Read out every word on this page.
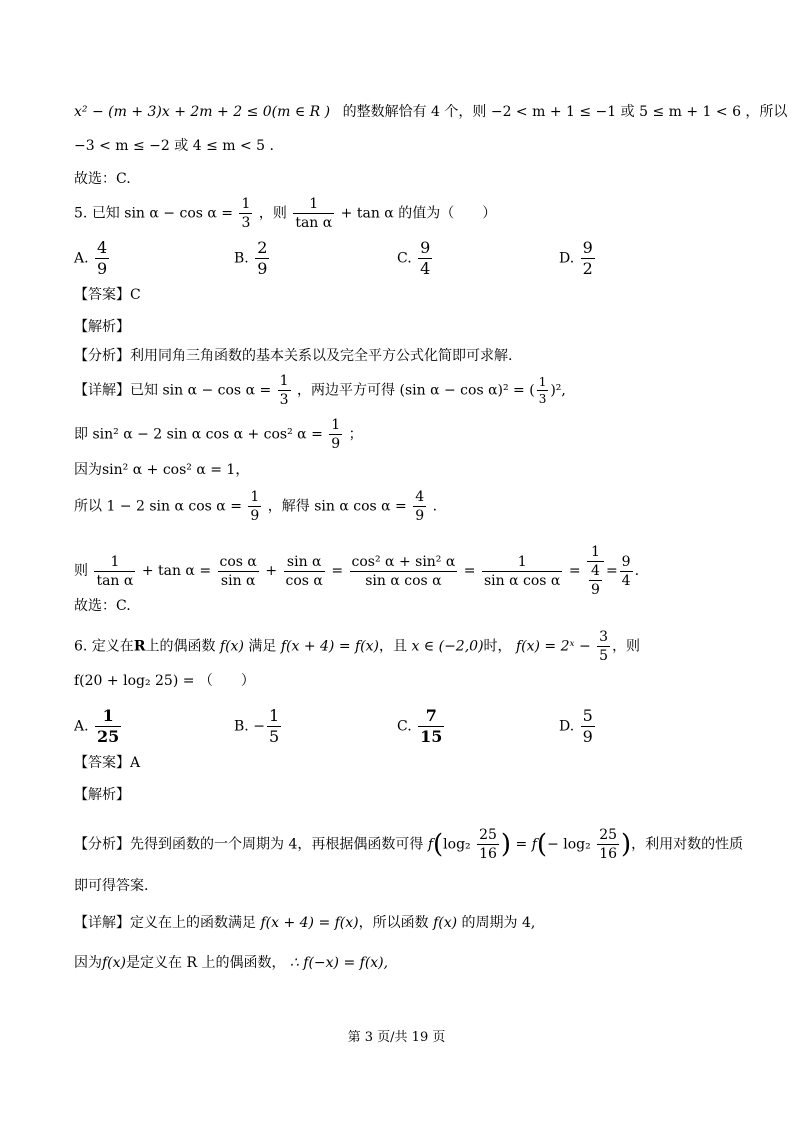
x² − (m + 3)x + 2m + 2 ≤ 0(m ∈ R ) 的整数解恰有 4 个，则 −2 < m + 1 ≤ −1 或 5 ≤ m + 1 < 6 ，所以
−3 < m ≤ −2 或 4 ≤ m < 5 .
故选：C.
5. 已知 $\sin \alpha - \cos \alpha = \frac{1}{3}$ ，则 $\frac{1}{\text{tan α}} + \tan \alpha$ 的值为（　　）
A. $\frac{4}{9}$	B. $\frac{2}{9}$	C. $\frac{9}{4}$	D. $\frac{9}{2}$
【答案】C
【解析】
【分析】利用同角三角函数的基本关系以及完全平方公式化简即可求解.
【详解】已知 $\sin \alpha - \cos \alpha = \frac{1}{3}$ ，两边平方可得 (sin α − cos α)² = ( $\frac{1}{3} )^2$,
即 sin² α − 2 sin α cos α + cos² $\alpha = \frac{1}{9}$ ；
因为sin² α + cos² α = 1，
所以 1 − 2 sin α $\cos \alpha = \frac{1}{9}$ ，解得 sin α $\cos \alpha = \frac{4}{9}$ .
则 $\frac{1}{\text{tan α}} + \tan \alpha = \frac{\text{cos α}}{\text{sin α}} + \frac{\text{sin α}}{\text{cos α}} = \frac{\text{cos² α + sin² α}}{\text{sin α cos α}} = \frac{1}{\text{sin α cos α}} = \frac{1}{\frac{4}{9}} = \frac{9}{4}$ .
故选：C.
6. 定义在R上的偶函数 f(x) 满足 f(x + 4) = f(x)，且 x ∈ (−2,0)时， f(x) = 2ˣ − $\frac{3}{5}$ ，则
f(20 + log₂ 25) = （　　）
A. $\frac{1}{25}$	B. − $\frac{1}{5}$	C. $\frac{7}{15}$	D. $\frac{5}{9}$
【答案】A
【解析】
【分析】先得到函数的一个周期为 4，再根据偶函数可得 $f(\log_2 \frac{25}{16}$ ) = $f(- \log_2 \frac{25}{16}$ )，利用对数的性质
即可得答案.
【详解】定义在上的函数满足 f(x + 4) = f(x)，所以函数 f(x) 的周期为 4,
因为f(x)是定义在 R 上的偶函数， ∴ f(−x) = f(x),
第 3 页/共 19 页
